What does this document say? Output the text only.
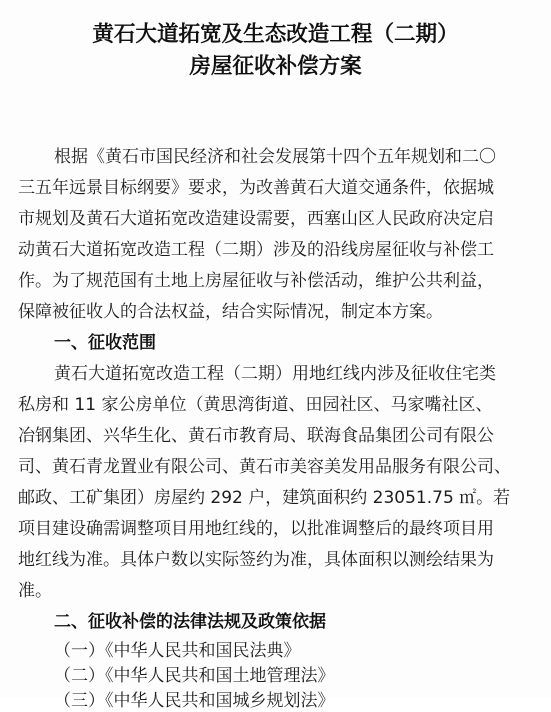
黄石大道拓宽及生态改造工程（二期）
房屋征收补偿方案
根据《黄石市国民经济和社会发展第十四个五年规划和二〇
三五年远景目标纲要》要求，为改善黄石大道交通条件，依据城
市规划及黄石大道拓宽改造建设需要，西塞山区人民政府决定启
动黄石大道拓宽改造工程（二期）涉及的沿线房屋征收与补偿工
作。为了规范国有土地上房屋征收与补偿活动，维护公共利益，
保障被征收人的合法权益，结合实际情况，制定本方案。
一、征收范围
黄石大道拓宽改造工程（二期）用地红线内涉及征收住宅类
私房和 11 家公房单位（黄思湾街道、田园社区、马家嘴社区、
冶钢集团、兴华生化、黄石市教育局、联海食品集团公司有限公
司、黄石青龙置业有限公司、黄石市美容美发用品服务有限公司、
邮政、工矿集团）房屋约 292 户，建筑面积约 23051.75 ㎡。若
项目建设确需调整项目用地红线的，以批准调整后的最终项目用
地红线为准。具体户数以实际签约为准，具体面积以测绘结果为
准。
二、征收补偿的法律法规及政策依据
（一）《中华人民共和国民法典》
（二）《中华人民共和国土地管理法》
（三）《中华人民共和国城乡规划法》
